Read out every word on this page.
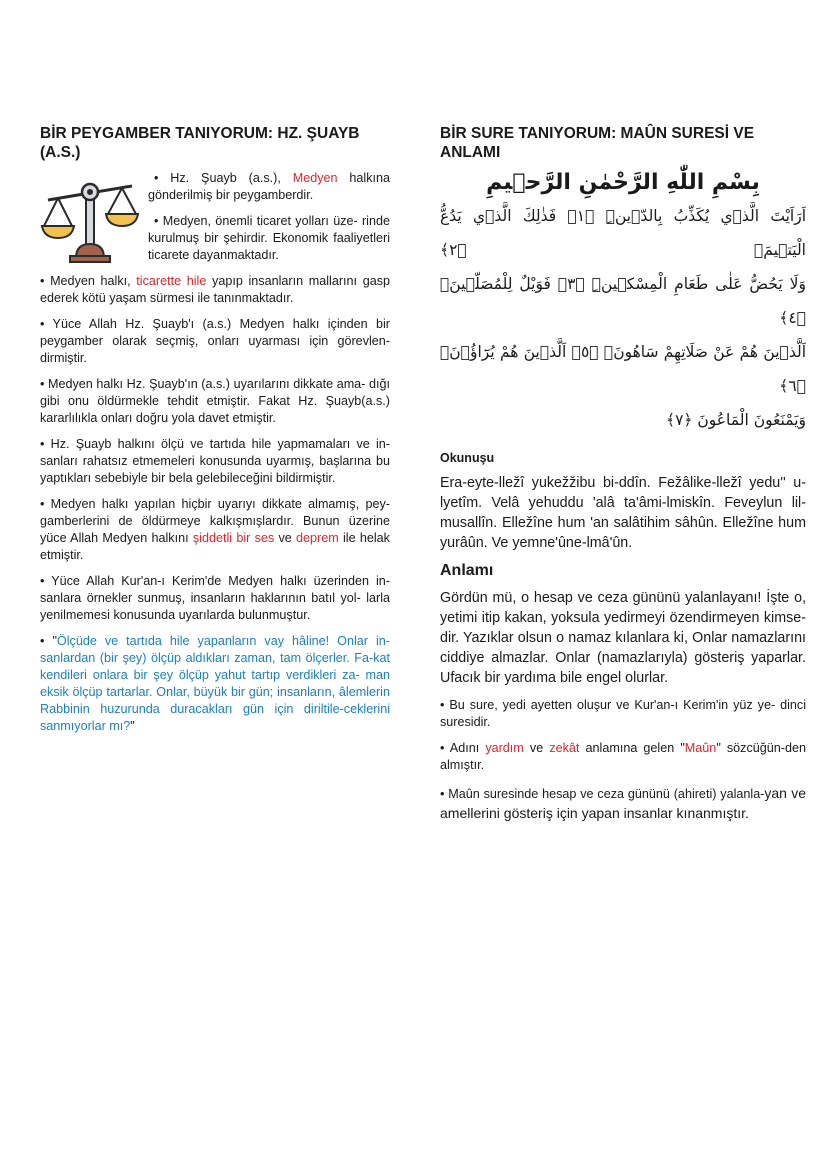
BİR PEYGAMBER TANIYORUM: HZ. ŞUAYB (A.S.)

• Hz. Şuayb (a.s.), Medyen halkına gönderilmiş bir peygamberdir.

• Medyen, önemli ticaret yolları üze- rinde kurulmuş bir şehirdir. Ekonomik faaliyetleri ticarete dayanmaktadır.

• Medyen halkı, ticarette hile yapıp insanların mallarını gasp ederek kötü yaşam sürmesi ile tanınmaktadır.

• Yüce Allah Hz. Şuayb'ı (a.s.) Medyen halkı içinden bir peygamber olarak seçmiş, onları uyarması için görevlen- dirmiştir.

• Medyen halkı Hz. Şuayb'ın (a.s.) uyarılarını dikkate ama- dığı gibi onu öldürmekle tehdit etmiştir. Fakat Hz. Şuayb(a.s.) kararlılıkla onları doğru yola davet etmiştir.

• Hz. Şuayb halkını ölçü ve tartıda hile yapmamaları ve in- sanları rahatsız etmemeleri konusunda uyarmış, başlarına bu yaptıkları sebebiyle bir bela gelebileceğini bildirmiştir.

• Medyen halkı yapılan hiçbir uyarıyı dikkate almamış, pey- gamberlerini de öldürmeye kalkışmışlardır. Bunun üzerine yüce Allah Medyen halkını şiddetli bir ses ve deprem ile helak etmiştir.

• Yüce Allah Kur'an-ı Kerim'de Medyen halkı üzerinden in- sanlara örnekler sunmuş, insanların haklarının batıl yol- larla yenilmemesi konusunda uyarılarda bulunmuştur.

• "Ölçüde ve tartıda hile yapanların vay hâline! Onlar in- sanlardan (bir şey) ölçüp aldıkları zaman, tam ölçerler. Fa-kat kendileri onlara bir şey ölçüp yahut tartıp verdikleri za- man eksik ölçüp tartarlar. Onlar, büyük bir gün; insanların, âlemlerin Rabbinin huzurunda duracakları gün için diriltile-ceklerini sanmıyorlar mı?"

BİR SURE TANIYORUM: MAÛN SURESİ VE ANLAMI
بِسْمِ اللّٰهِ الرَّحْمٰنِ الرَّح۪يمِ
اَرَاَيْتَ الَّذ۪ي يُكَذِّبُ بِالدّ۪ينِۜ ﴿١﴾ فَذٰلِكَ الَّذ۪ي يَدُعُّ الْيَت۪يمَۙ ﴿٢﴾
وَلَا يَحُضُّ عَلٰى طَعَامِ الْمِسْك۪ينِۜ ﴿٣﴾ فَوَيْلٌ لِلْمُصَلّ۪ينَۙ ﴿٤﴾
اَلَّذ۪ينَ هُمْ عَنْ صَلَاتِهِمْ سَاهُونَۙ ﴿٥﴾ اَلَّذ۪ينَ هُمْ يُرَٓاؤُ۫نَۙ ﴿٦﴾
وَيَمْنَعُونَ الْمَاعُونَ ﴿٧﴾
Okunuşu

Era-eyte-lležî yukežžibu bi-ddîn. Fežâlike-lležî yedu'' u-lyetîm. Velâ yehuddu 'alâ ta'âmi-lmiskîn. Feveylun lil- musallîn. Elležîne hum 'an salâtihim sâhûn. Elležîne hum yurâûn. Ve yemne'ûne-lmâ'ûn.

Anlamı

Gördün mü, o hesap ve ceza gününü yalanlayanı! İşte o, yetimi itip kakan, yoksula yedirmeyi özendirmeyen kimse- dir. Yazıklar olsun o namaz kılanlara ki, Onlar namazlarını ciddiye almazlar. Onlar (namazlarıyla) gösteriş yaparlar. Ufacık bir yardıma bile engel olurlar.

• Bu sure, yedi ayetten oluşur ve Kur'an-ı Kerim'in yüz ye- dinci suresidir.

• Adını yardım ve zekât anlamına gelen "Maûn" sözcüğün-den almıştır.

• Maûn suresinde hesap ve ceza gününü (ahireti) yalanla-yan ve amellerini gösteriş için yapan insanlar kınanmıştır.
